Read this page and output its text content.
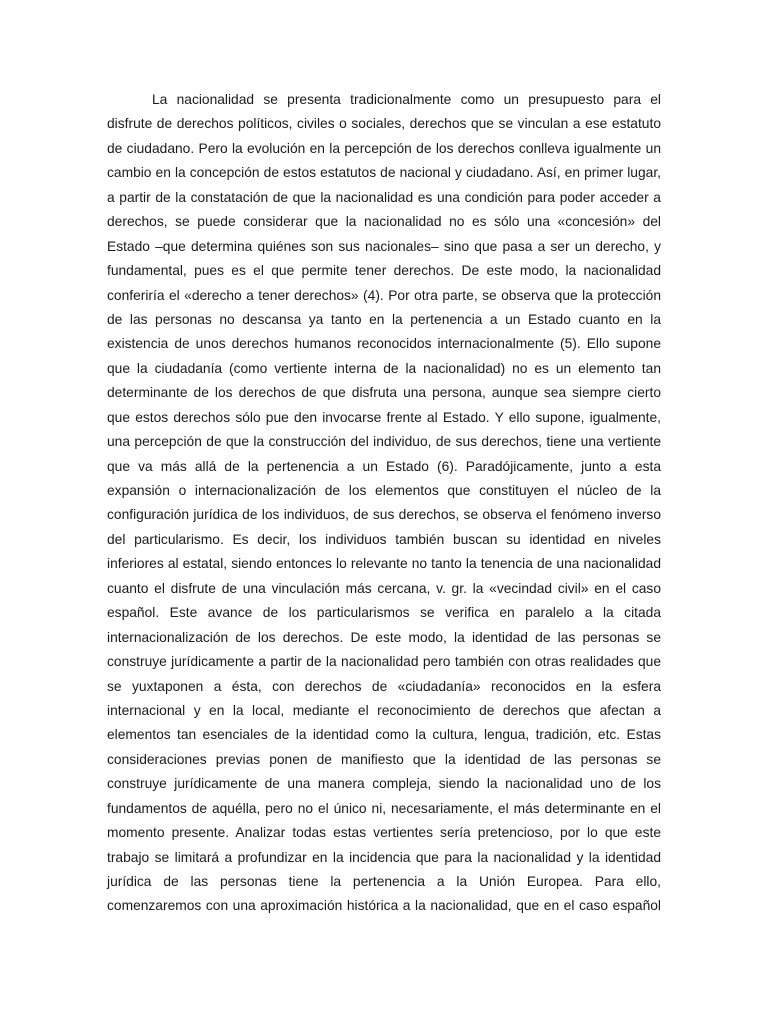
La nacionalidad se presenta tradicionalmente como un presupuesto para el
disfrute de derechos políticos, civiles o sociales, derechos que se vinculan a ese estatuto
de ciudadano. Pero la evolución en la percepción de los derechos conlleva igualmente un
cambio en la concepción de estos estatutos de nacional y ciudadano. Así, en primer lugar,
a partir de la constatación de que la nacionalidad es una condición para poder acceder a
derechos, se puede considerar que la nacionalidad no es sólo una «concesión» del
Estado –que determina quiénes son sus nacionales– sino que pasa a ser un derecho, y
fundamental, pues es el que permite tener derechos. De este modo, la nacionalidad
conferiría el «derecho a tener derechos» (4). Por otra parte, se observa que la protección
de las personas no descansa ya tanto en la pertenencia a un Estado cuanto en la
existencia de unos derechos humanos reconocidos internacionalmente (5). Ello supone
que la ciudadanía (como vertiente interna de la nacionalidad) no es un elemento tan
determinante de los derechos de que disfruta una persona, aunque sea siempre cierto
que estos derechos sólo pue den invocarse frente al Estado. Y ello supone, igualmente,
una percepción de que la construcción del individuo, de sus derechos, tiene una vertiente
que va más allá de la pertenencia a un Estado (6). Paradójicamente, junto a esta
expansión o internacionalización de los elementos que constituyen el núcleo de la
configuración jurídica de los individuos, de sus derechos, se observa el fenómeno inverso
del particularismo. Es decir, los individuos también buscan su identidad en niveles
inferiores al estatal, siendo entonces lo relevante no tanto la tenencia de una nacionalidad
cuanto el disfrute de una vinculación más cercana, v. gr. la «vecindad civil» en el caso
español. Este avance de los particularismos se verifica en paralelo a la citada
internacionalización de los derechos. De este modo, la identidad de las personas se
construye jurídicamente a partir de la nacionalidad pero también con otras realidades que
se yuxtaponen a ésta, con derechos de «ciudadanía» reconocidos en la esfera
internacional y en la local, mediante el reconocimiento de derechos que afectan a
elementos tan esenciales de la identidad como la cultura, lengua, tradición, etc. Estas
consideraciones previas ponen de manifiesto que la identidad de las personas se
construye jurídicamente de una manera compleja, siendo la nacionalidad uno de los
fundamentos de aquélla, pero no el único ni, necesariamente, el más determinante en el
momento presente. Analizar todas estas vertientes sería pretencioso, por lo que este
trabajo se limitará a profundizar en la incidencia que para la nacionalidad y la identidad
jurídica de las personas tiene la pertenencia a la Unión Europea. Para ello,
comenzaremos con una aproximación histórica a la nacionalidad, que en el caso español
